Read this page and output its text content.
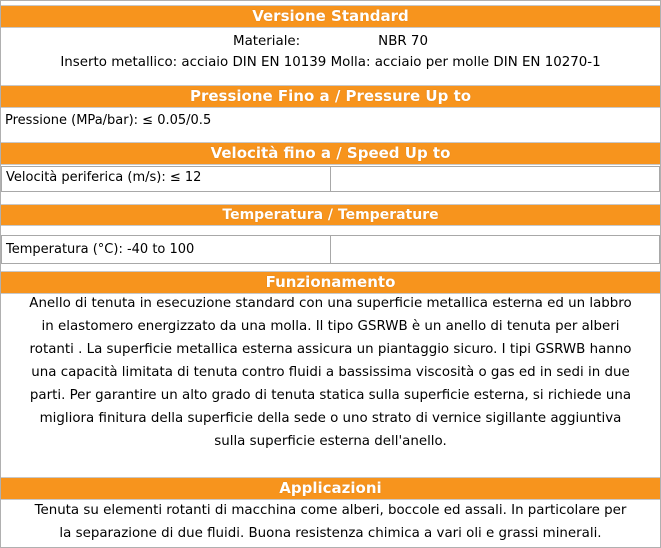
Versione Standard
Materiale:	NBR 70
Inserto metallico: acciaio DIN EN 10139 Molla: acciaio per molle DIN EN 10270-1
Pressione Fino a / Pressure Up to
Pressione (MPa/bar): ≤ 0.05/0.5
Velocità fino a / Speed Up to
Velocità periferica (m/s): ≤ 12
Temperatura / Temperature
Temperatura (°C): -40 to 100
Funzionamento
Anello di tenuta in esecuzione standard con una superficie metallica esterna ed un labbro
in elastomero energizzato da una molla. Il tipo GSRWB è un anello di tenuta per alberi
rotanti . La superficie metallica esterna assicura un piantaggio sicuro. I tipi GSRWB hanno
una capacità limitata di tenuta contro fluidi a bassissima viscosità o gas ed in sedi in due
parti. Per garantire un alto grado di tenuta statica sulla superficie esterna, si richiede una
migliora finitura della superficie della sede o uno strato di vernice sigillante aggiuntiva
sulla superficie esterna dell'anello.
Applicazioni
Tenuta su elementi rotanti di macchina come alberi, boccole ed assali. In particolare per
la separazione di due fluidi. Buona resistenza chimica a vari oli e grassi minerali.
